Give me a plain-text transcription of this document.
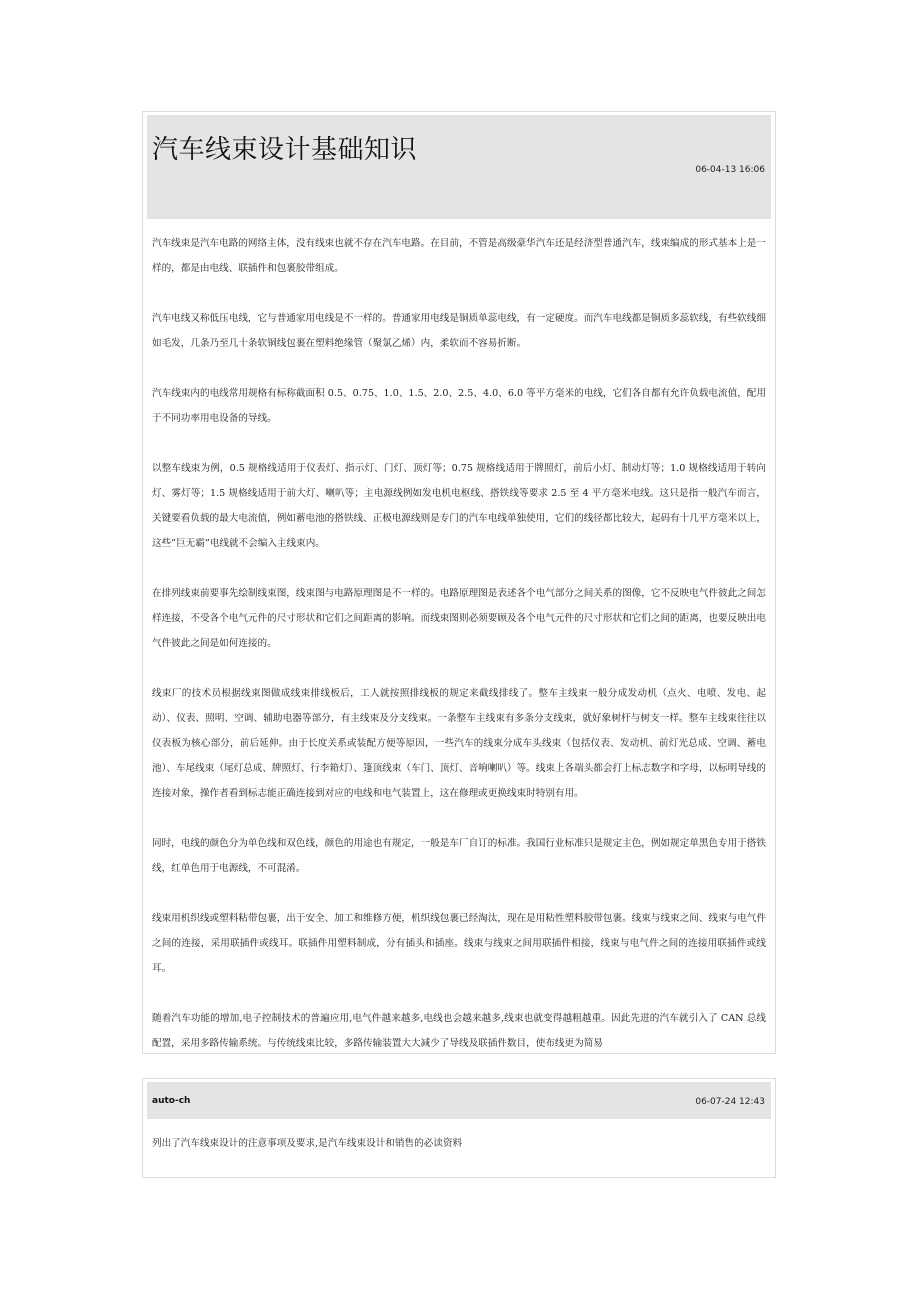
汽车线束设计基础知识
06-04-13 16:06

汽车线束是汽车电路的网络主体，没有线束也就不存在汽车电路。在目前，不管是高级豪华汽车还是经济型普通汽车，线束编成的形式基本上是一样的，都是由电线、联插件和包裹胶带组成。

汽车电线又称低压电线，它与普通家用电线是不一样的。普通家用电线是铜质单蕊电线，有一定硬度。而汽车电线都是铜质多蕊软线，有些软线细如毛发，几条乃至几十条软铜线包裹在塑料绝缘管（聚氯乙烯）内，柔软而不容易折断。

汽车线束内的电线常用规格有标称截面积 0.5、0.75、1.0、1.5、2.0、2.5、4.0、6.0 等平方毫米的电线，它们各自都有允许负载电流值，配用于不同功率用电设备的导线。

以整车线束为例，0.5 规格线适用于仪表灯、指示灯、门灯、顶灯等；0.75 规格线适用于牌照灯，前后小灯、制动灯等；1.0 规格线适用于转向灯、雾灯等；1.5 规格线适用于前大灯、喇叭等；主电源线例如发电机电枢线、搭铁线等要求 2.5 至 4 平方毫米电线。这只是指一般汽车而言，关键要看负载的最大电流值，例如蓄电池的搭铁线、正极电源线则是专门的汽车电线单独使用，它们的线径都比较大，起码有十几平方毫米以上，这些”巨无霸”电线就不会编入主线束内。

在排列线束前要事先绘制线束图，线束图与电路原理图是不一样的。电路原理图是表述各个电气部分之间关系的图像，它不反映电气件彼此之间怎样连接，不受各个电气元件的尺寸形状和它们之间距离的影响。而线束图则必须要顾及各个电气元件的尺寸形状和它们之间的距离，也要反映出电气件彼此之间是如何连接的。

线束厂的技术员根据线束图做成线束排线板后，工人就按照排线板的规定来截线排线了。整车主线束一般分成发动机（点火、电喷、发电、起动）、仪表、照明、空调、辅助电器等部分，有主线束及分支线束。一条整车主线束有多条分支线束，就好象树杆与树支一样。整车主线束往往以仪表板为核心部分，前后延伸。由于长度关系或装配方便等原因，一些汽车的线束分成车头线束（包括仪表、发动机、前灯光总成、空调、蓄电池）、车尾线束（尾灯总成、牌照灯、行李箱灯）、篷顶线束（车门、顶灯、音响喇叭）等。线束上各端头都会打上标志数字和字母，以标明导线的连接对象，操作者看到标志能正确连接到对应的电线和电气装置上，这在修理或更换线束时特别有用。

同时，电线的颜色分为单色线和双色线，颜色的用途也有规定，一般是车厂自订的标准。我国行业标准只是规定主色，例如规定单黑色专用于搭铁线，红单色用于电源线，不可混淆。

线束用机织线或塑料粘带包裹，出于安全、加工和维修方便，机织线包裹已经淘汰，现在是用粘性塑料胶带包裹。线束与线束之间、线束与电气件之间的连接，采用联插件或线耳。联插件用塑料制成，分有插头和插座。线束与线束之间用联插件相接，线束与电气件之间的连接用联插件或线耳。

随着汽车功能的增加,电子控制技术的普遍应用,电气件越来越多,电线也会越来越多,线束也就变得越粗越重。因此先进的汽车就引入了 CAN 总线配置，采用多路传输系统。与传统线束比较，多路传输装置大大减少了导线及联插件数目，使布线更为简易

auto-ch	06-07-24 12:43

列出了汽车线束设计的注意事项及要求,是汽车线束设计和销售的必读资料
